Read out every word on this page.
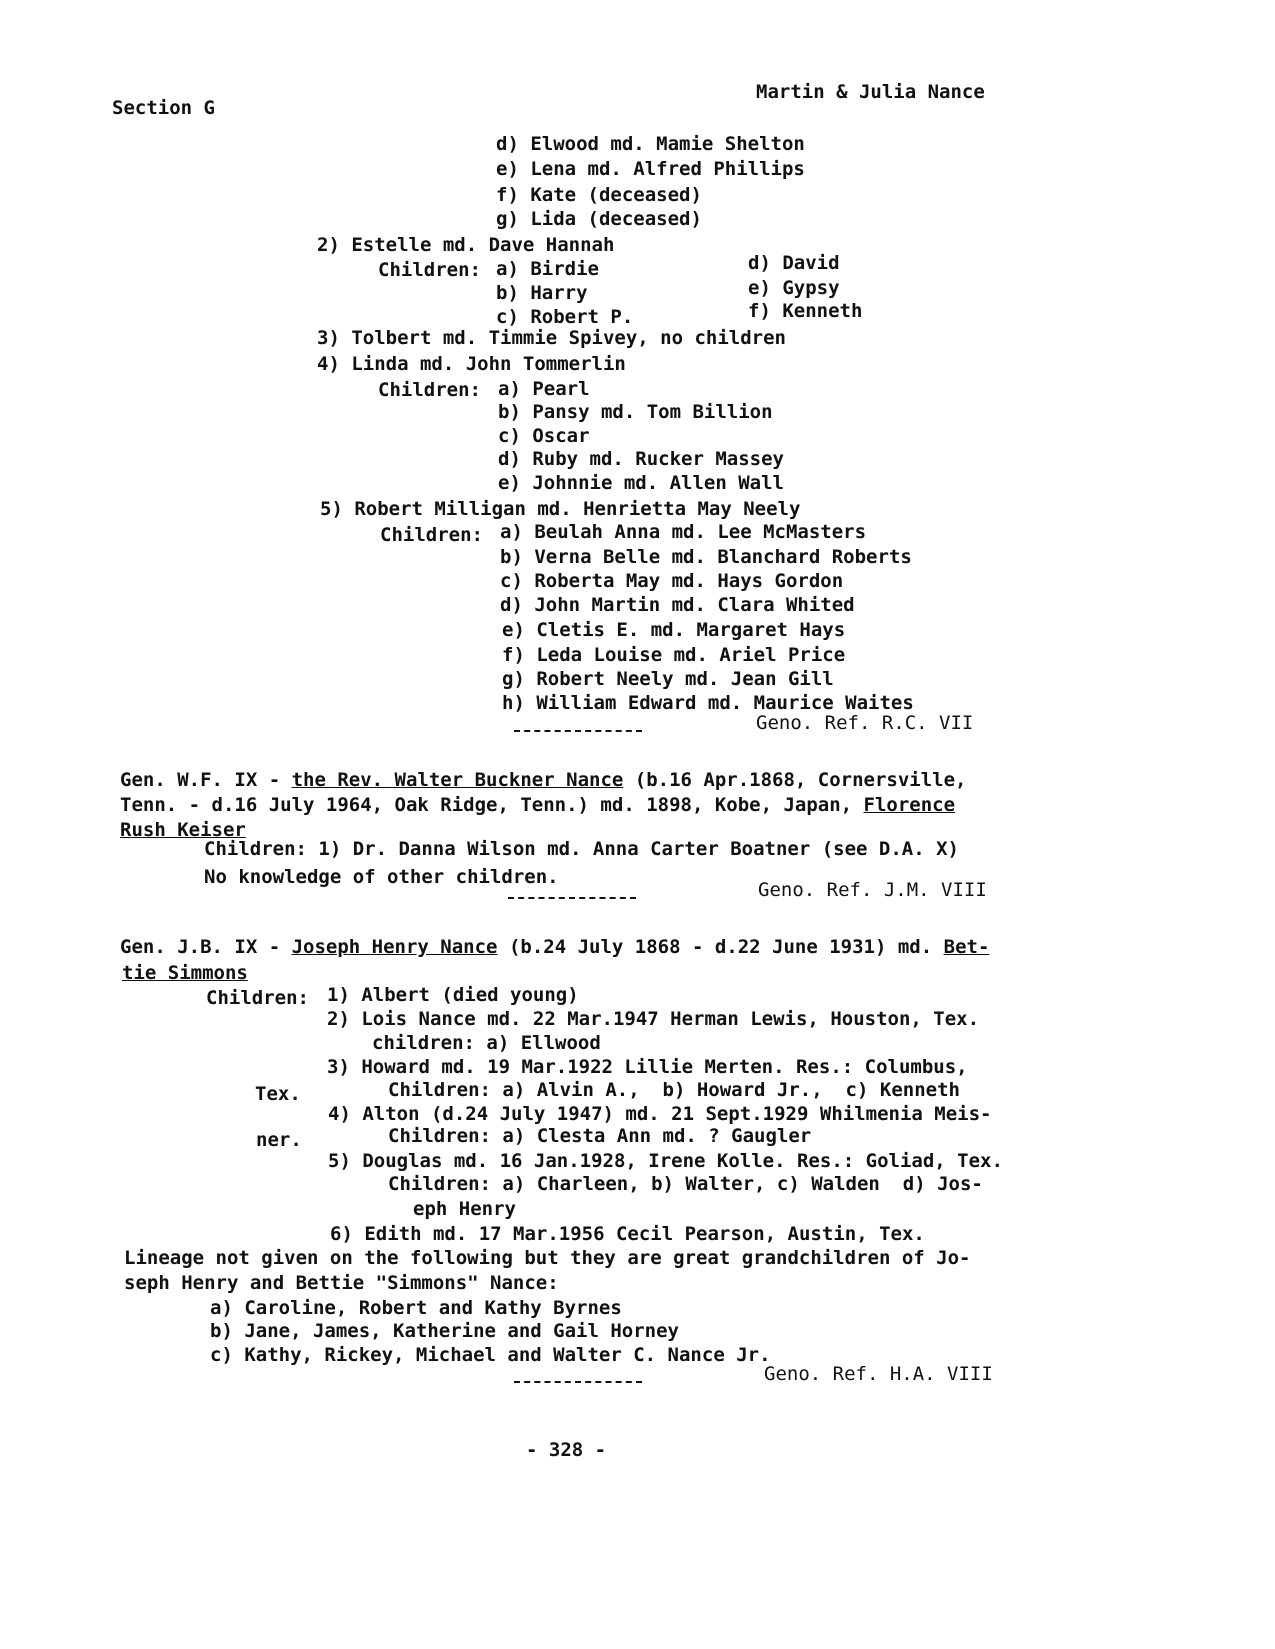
Section G
Martin & Julia Nance
d) Elwood md. Mamie Shelton
e) Lena md. Alfred Phillips
f) Kate (deceased)
g) Lida (deceased)
2) Estelle md. Dave Hannah
Children: a) Birdie
b) Harry
c) Robert P.
d) David
e) Gypsy
f) Kenneth
3) Tolbert md. Timmie Spivey, no children
4) Linda md. John Tommerlin
Children: a) Pearl
b) Pansy md. Tom Billion
c) Oscar
d) Ruby md. Rucker Massey
e) Johnnie md. Allen Wall
5) Robert Milligan md. Henrietta May Neely
Children: a) Beulah Anna md. Lee McMasters
b) Verna Belle md. Blanchard Roberts
c) Roberta May md. Hays Gordon
d) John Martin md. Clara Whited
e) Cletis E. md. Margaret Hays
f) Leda Louise md. Ariel Price
g) Robert Neely md. Jean Gill
h) William Edward md. Maurice Waites
Geno. Ref. R.C. VII
Gen. W.F. IX - the Rev. Walter Buckner Nance (b.16 Apr.1868, Cornersville,
Tenn. - d.16 July 1964, Oak Ridge, Tenn.) md. 1898, Kobe, Japan, Florence
Rush Keiser
Children: 1) Dr. Danna Wilson md. Anna Carter Boatner (see D.A. X)
No knowledge of other children.
Geno. Ref. J.M. VIII
Gen. J.B. IX - Joseph Henry Nance (b.24 July 1868 - d.22 June 1931) md. Bet-
tie Simmons
Children: 1) Albert (died young)
2) Lois Nance md. 22 Mar.1947 Herman Lewis, Houston, Tex.
children: a) Ellwood
3) Howard md. 19 Mar.1922 Lillie Merten. Res.: Columbus,
Tex.	Children: a) Alvin A.,  b) Howard Jr.,  c) Kenneth
4) Alton (d.24 July 1947) md. 21 Sept.1929 Whilmenia Meis-
ner.	Children: a) Clesta Ann md. ? Gaugler
5) Douglas md. 16 Jan.1928, Irene Kolle. Res.: Goliad, Tex.
Children: a) Charleen, b) Walter, c) Walden  d) Jos-
eph Henry
6) Edith md. 17 Mar.1956 Cecil Pearson, Austin, Tex.
Lineage not given on the following but they are great grandchildren of Jo-
seph Henry and Bettie "Simmons" Nance:
a) Caroline, Robert and Kathy Byrnes
b) Jane, James, Katherine and Gail Horney
c) Kathy, Rickey, Michael and Walter C. Nance Jr.
Geno. Ref. H.A. VIII
- 328 -
